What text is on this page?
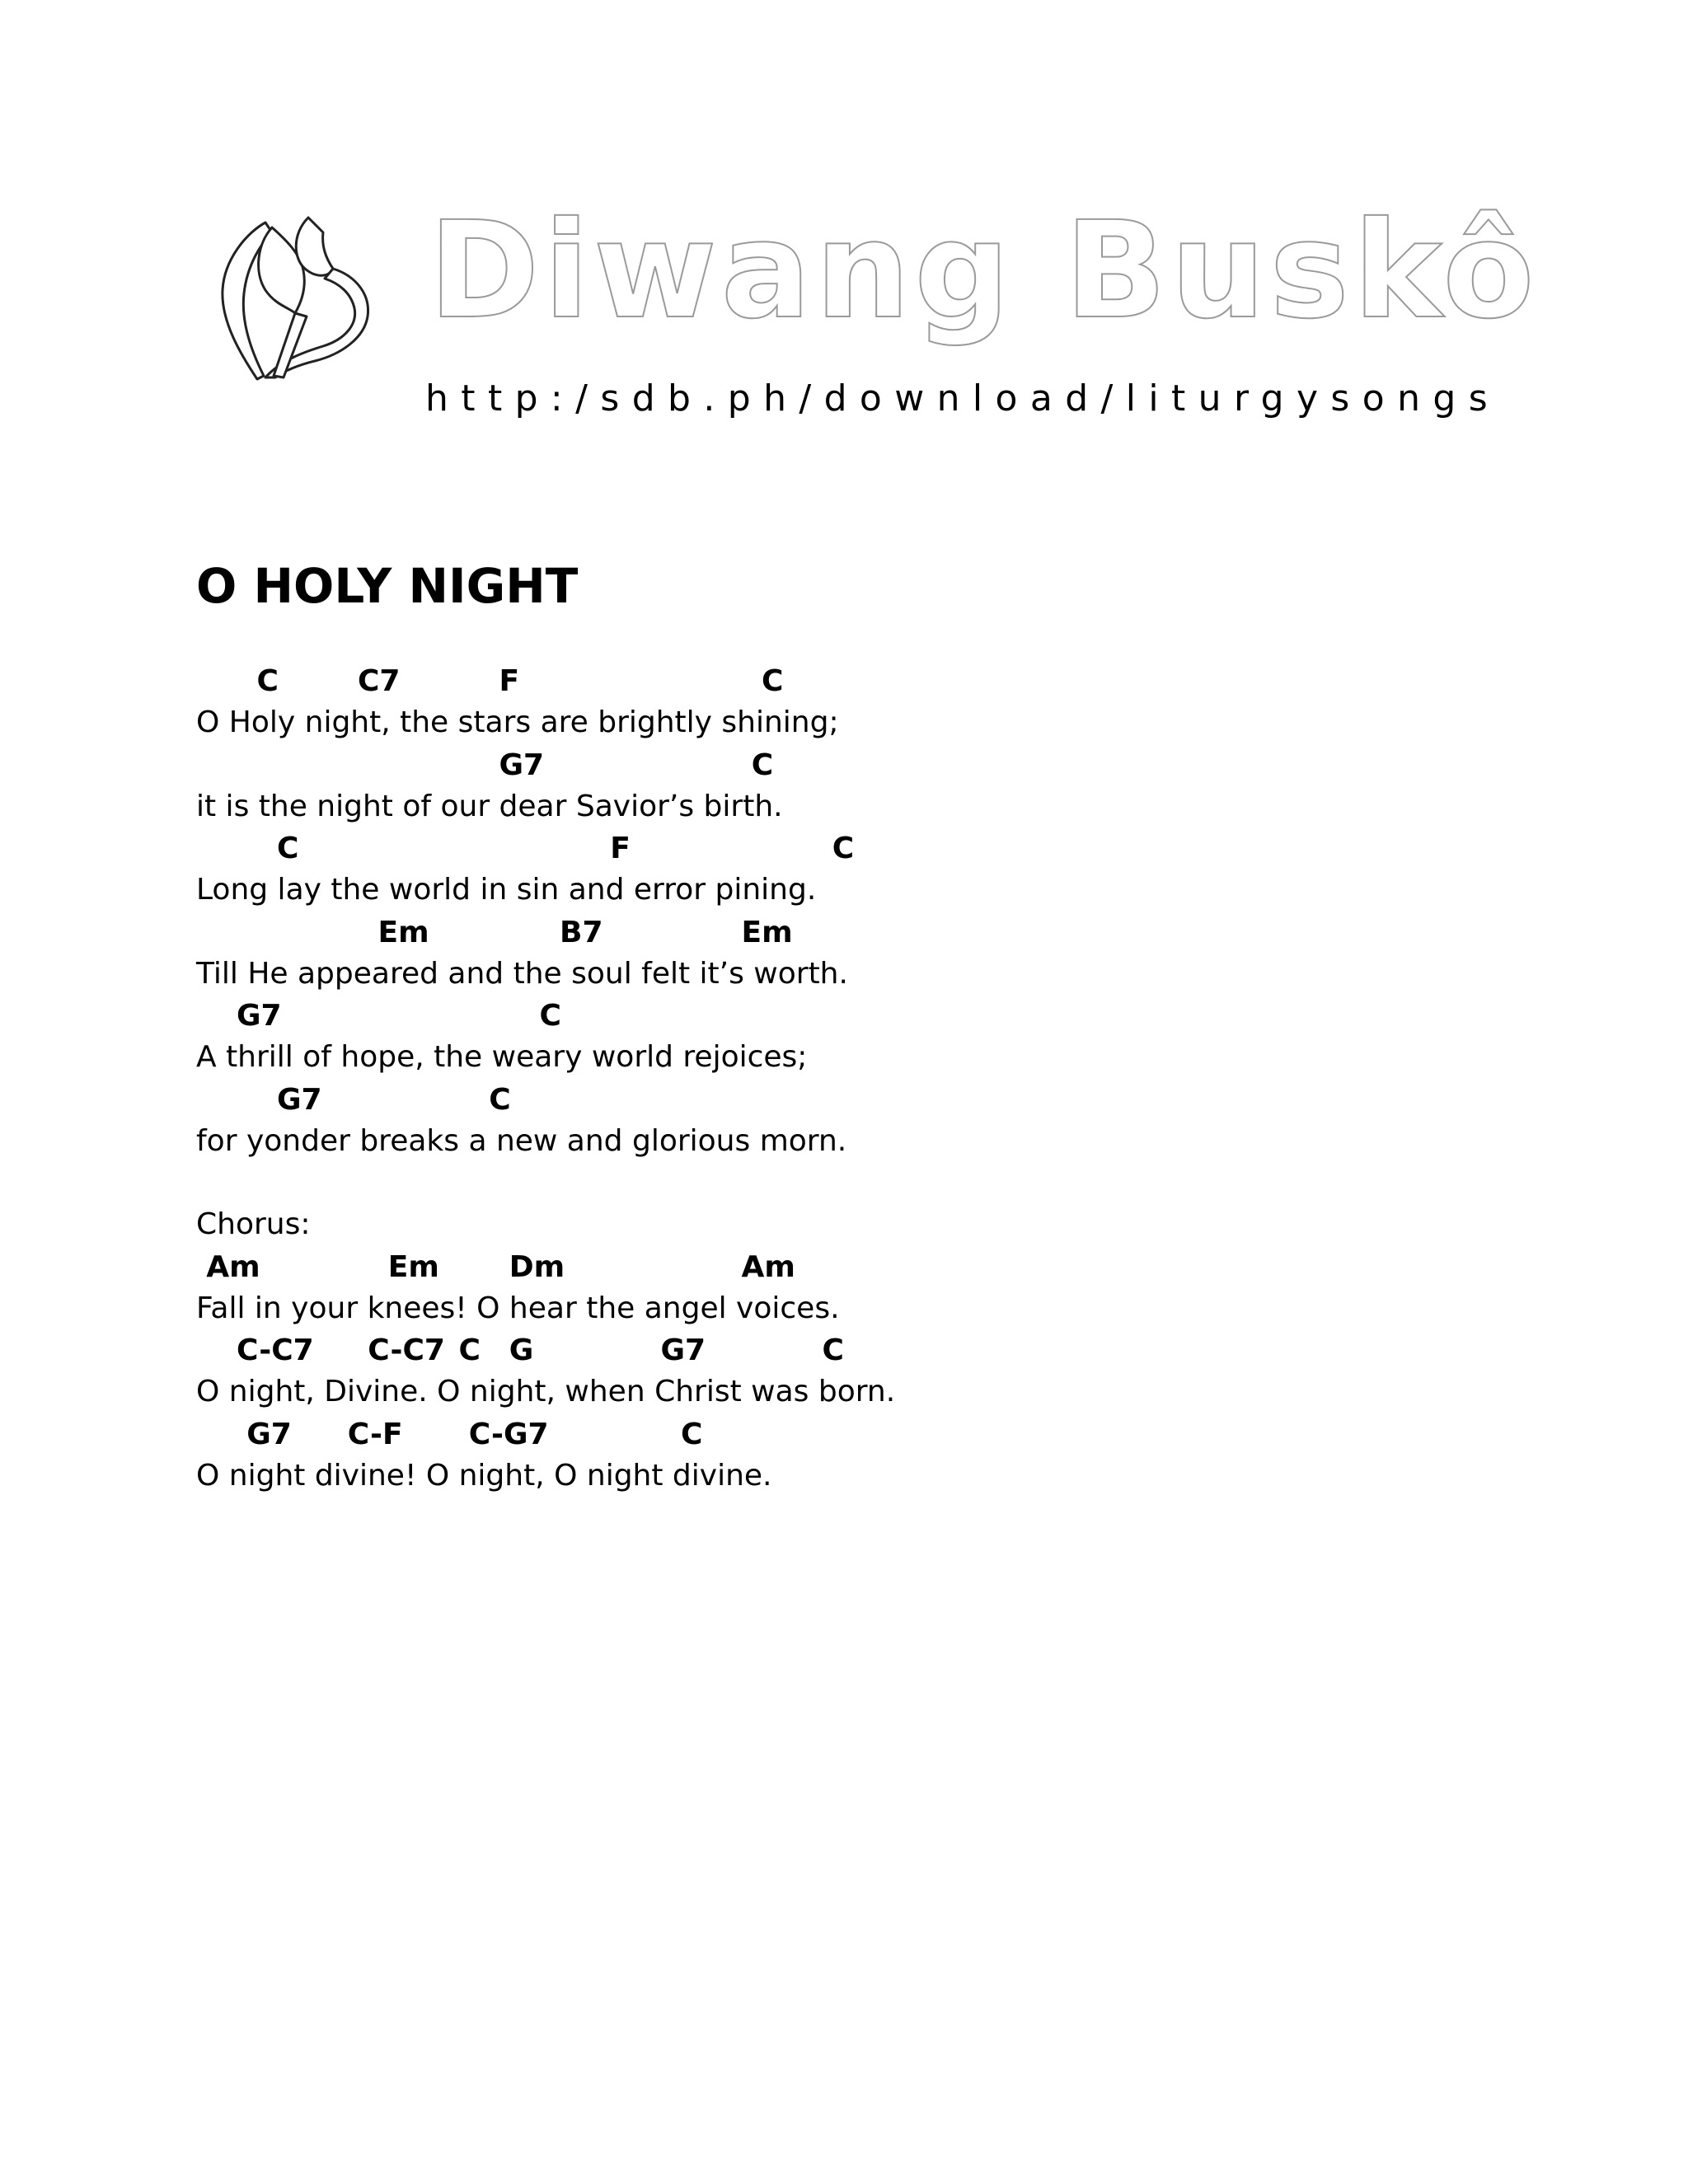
Diwang Buskô
http:/sdb.ph/download/liturgysongs
O HOLY NIGHT
C	C7	F	C
O Holy night, the stars are brightly shining;
G7	C
it is the night of our dear Savior’s birth.
C	F	C
Long lay the world in sin and error pining.
Em	B7	Em
Till He appeared and the soul felt it’s worth.
G7	C
A thrill of hope, the weary world rejoices;
G7	C
for yonder breaks a new and glorious morn.
Chorus:
Am	Em Dm	Am
Fall in your knees! O hear the angel voices.
C-C7 C-C7 C G	G7	C
O night, Divine. O night, when Christ was born.
G7 C-F C-G7	C
O night divine! O night, O night divine.
